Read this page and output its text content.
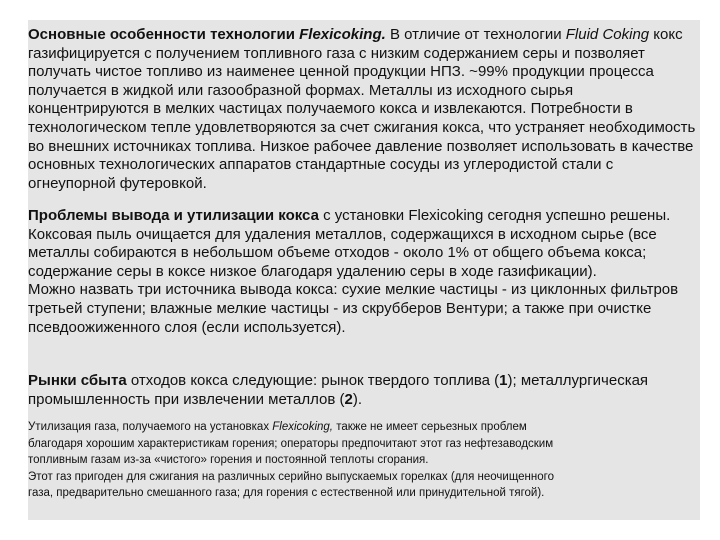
Основные особенности технологии Flexicoking. В отличие от технологии Fluid Coking кокс газифицируется с получением топливного газа с низким содержанием серы и позволяет получать чистое топливо из наименее ценной продукции НПЗ. ~99% продукции процесса получается в жидкой или газообразной формах. Металлы из исходного сырья концентрируются в мелких частицах получаемого кокса и извлекаются. Потребности в технологическом тепле удовлетворяются за счет сжигания кокса, что устраняет необходимость во внешних источниках топлива. Низкое рабочее давление позволяет использовать в качестве основных технологических аппаратов стандартные сосуды из углеродистой стали с огнеупорной футеровкой.

Проблемы вывода и утилизации кокса с установки Flexicoking сегодня успешно решены. Коксовая пыль очищается для удаления металлов, содержащихся в исходном сырье (все металлы собираются в небольшом объеме отходов - около 1% от общего объема кокса; содержание серы в коксе низкое благодаря удалению серы в ходе газификации).
Можно назвать три источника вывода кокса: сухие мелкие частицы - из циклонных фильтров третьей ступени; влажные мелкие частицы - из скрубберов Вентури; а также при очистке псевдоожиженного слоя (если используется).

Рынки сбыта отходов кокса следующие: рынок твердого топлива (1); металлургическая промышленность при извлечении металлов (2).

Утилизация газа, получаемого на установках Flexicoking, также не имеет серьезных проблем
благодаря хорошим характеристикам горения; операторы предпочитают этот газ нефтезаводским
топливным газам из-за «чистого» горения и постоянной теплоты сгорания.
Этот газ пригоден для сжигания на различных серийно выпускаемых горелках (для неочищенного
газа, предварительно смешанного газа; для горения с естественной или принудительной тягой).
